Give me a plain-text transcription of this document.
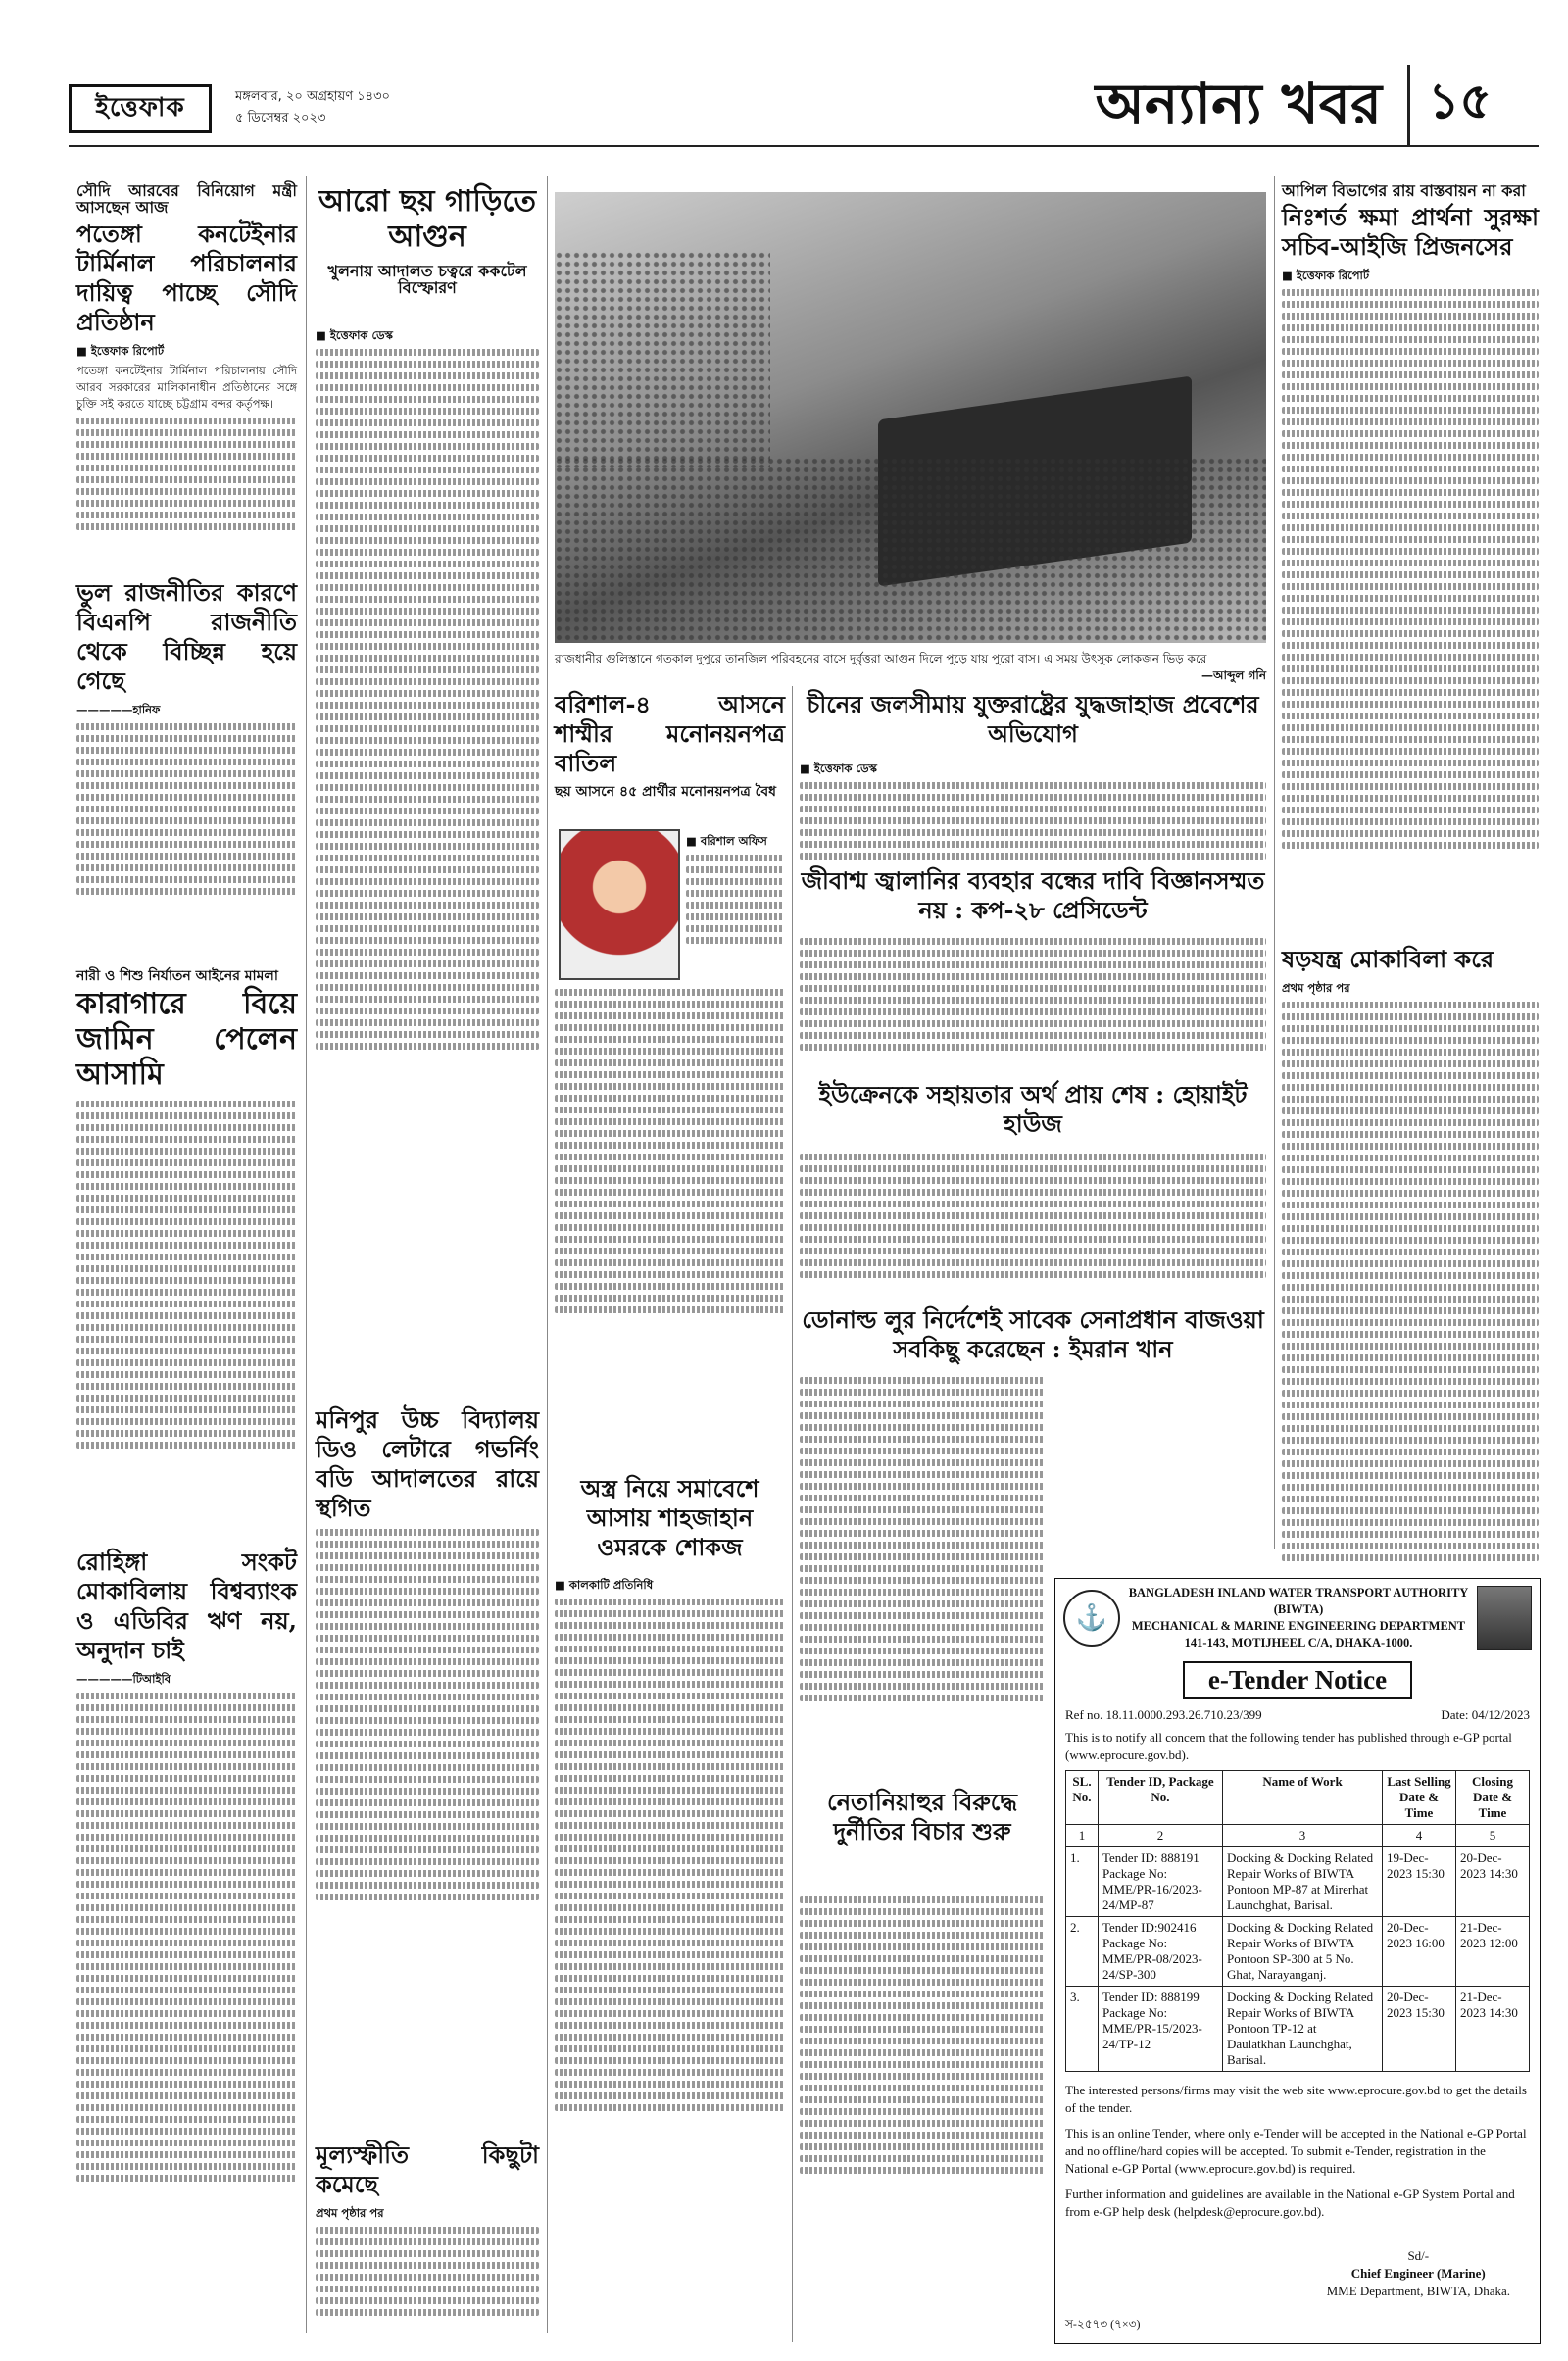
ইত্তেফাক	মঙ্গলবার, ২০ অগ্রহায়ণ ১৪৩০
৫ ডিসেম্বর ২০২৩	অন্যান্য খবর ১৫
সৌদি আরবের বিনিয়োগ মন্ত্রী আসছেন আজ
পতেঙ্গা কনটেইনার টার্মিনাল পরিচালনার দায়িত্ব পাচ্ছে সৌদি প্রতিষ্ঠান
■ ইত্তেফাক রিপোর্ট
পতেঙ্গা কনটেইনার টার্মিনাল পরিচালনায় সৌদি আরব সরকারের মালিকানাধীন প্রতিষ্ঠানের সঙ্গে চুক্তি সই করতে যাচ্ছে চট্টগ্রাম বন্দর কর্তৃপক্ষ।
ভুল রাজনীতির কারণে বিএনপি রাজনীতি থেকে বিচ্ছিন্ন হয়ে গেছে
—————হানিফ
নারী ও শিশু নির্যাতন আইনের মামলা
কারাগারে বিয়ে জামিন পেলেন আসামি
রোহিঙ্গা সংকট মোকাবিলায় বিশ্বব্যাংক ও এডিবির ঋণ নয়, অনুদান চাই
—————টিআইবি
আরো ছয় গাড়িতে আগুন
খুলনায় আদালত চত্বরে ককটেল বিস্ফোরণ
■ ইত্তেফাক ডেস্ক
মনিপুর উচ্চ বিদ্যালয় ডিও লেটারে গভর্নিং বডি আদালতের রায়ে স্থগিত
মূল্যস্ফীতি কিছুটা কমেছে
প্রথম পৃষ্ঠার পর
রাজধানীর গুলিস্তানে গতকাল দুপুরে তানজিল পরিবহনের বাসে দুর্বৃত্তরা আগুন দিলে পুড়ে যায় পুরো বাস। এ সময় উৎসুক লোকজন ভিড় করে
—আব্দুল গনি
বরিশাল-৪ আসনে শাম্মীর মনোনয়নপত্র বাতিল
ছয় আসনে ৪৫ প্রার্থীর মনোনয়নপত্র বৈধ
■ বরিশাল অফিস
অস্ত্র নিয়ে সমাবেশে আসায় শাহজাহান ওমরকে শোকজ
■ কালকাটি প্রতিনিধি
চীনের জলসীমায় যুক্তরাষ্ট্রের যুদ্ধজাহাজ প্রবেশের অভিযোগ
■ ইত্তেফাক ডেস্ক
জীবাশ্ম জ্বালানির ব্যবহার বন্ধের দাবি বিজ্ঞানসম্মত নয় : কপ-২৮ প্রেসিডেন্ট
ইউক্রেনকে সহায়তার অর্থ প্রায় শেষ : হোয়াইট হাউজ
ডোনাল্ড লুর নির্দেশেই সাবেক সেনাপ্রধান বাজওয়া সবকিছু করেছেন : ইমরান খান
নেতানিয়াহুর বিরুদ্ধে দুর্নীতির বিচার শুরু
আপিল বিভাগের রায় বাস্তবায়ন না করা
নিঃশর্ত ক্ষমা প্রার্থনা সুরক্ষা সচিব-আইজি প্রিজনসের
■ ইত্তেফাক রিপোর্ট
ষড়যন্ত্র মোকাবিলা করে
প্রথম পৃষ্ঠার পর
⚓
BANGLADESH INLAND WATER TRANSPORT AUTHORITY (BIWTA)
MECHANICAL & MARINE ENGINEERING DEPARTMENT
141-143, MOTIJHEEL C/A, DHAKA-1000.
e-Tender Notice
Ref no. 18.11.0000.293.26.710.23/399	Date: 04/12/2023
This is to notify all concern that the following tender has published through e-GP portal (www.eprocure.gov.bd).
SL. No.	Tender ID, Package No.	Name of Work	Last Selling Date & Time	Closing Date & Time
1	2	3	4	5
1.	Tender ID: 888191 Package No: MME/PR-16/2023-24/MP-87	Docking & Docking Related Repair Works of BIWTA Pontoon MP-87 at Mirerhat Launchghat, Barisal.	19-Dec-2023 15:30	20-Dec-2023 14:30
2.	Tender ID:902416 Package No: MME/PR-08/2023-24/SP-300	Docking & Docking Related Repair Works of BIWTA Pontoon SP-300 at 5 No. Ghat, Narayanganj.	20-Dec-2023 16:00	21-Dec-2023 12:00
3.	Tender ID: 888199 Package No: MME/PR-15/2023-24/TP-12	Docking & Docking Related Repair Works of BIWTA Pontoon TP-12 at Daulatkhan Launchghat, Barisal.	20-Dec-2023 15:30	21-Dec-2023 14:30

The interested persons/firms may visit the web site www.eprocure.gov.bd to get the details of the tender.

This is an online Tender, where only e-Tender will be accepted in the National e-GP Portal and no offline/hard copies will be accepted. To submit e-Tender, registration in the National e-GP Portal (www.eprocure.gov.bd) is required.

Further information and guidelines are available in the National e-GP System Portal and from e-GP help desk (helpdesk@eprocure.gov.bd).

Sd/-
Chief Engineer (Marine)
MME Department, BIWTA, Dhaka.
স-২৫৭৩ (৭×৩)
